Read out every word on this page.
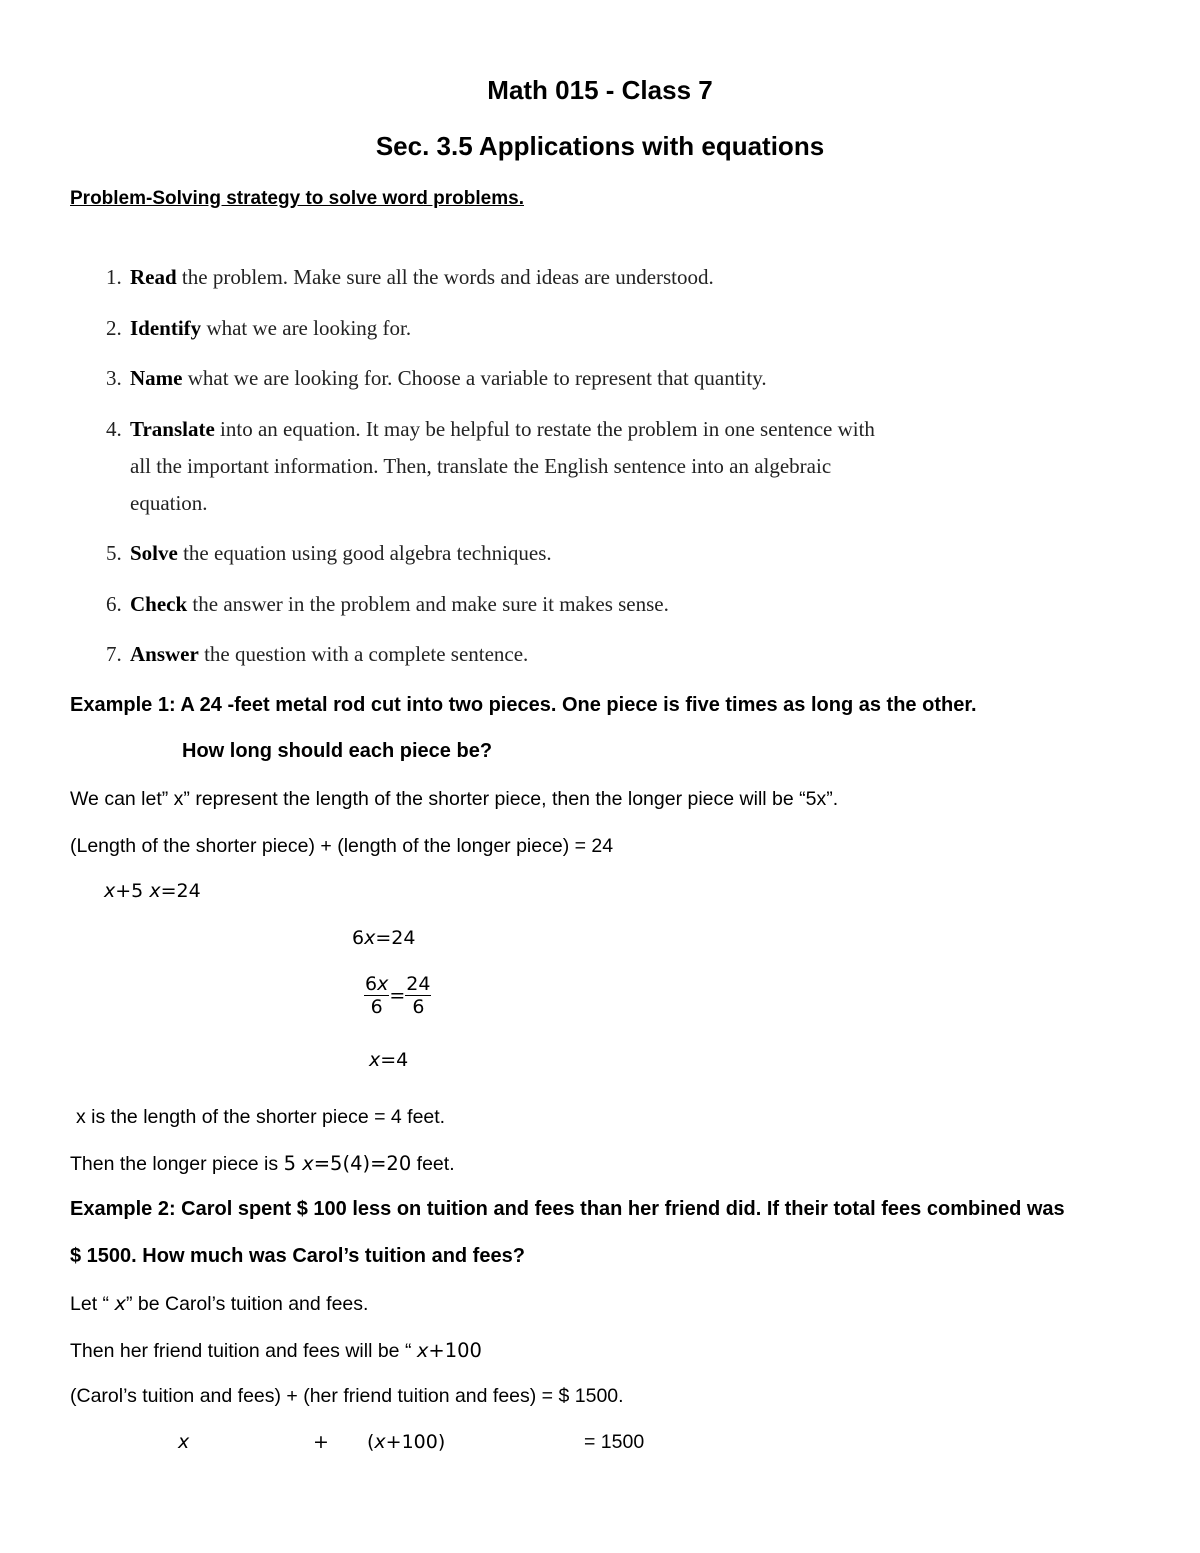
Math 015 - Class 7
Sec. 3.5 Applications with equations
Problem-Solving strategy to solve word problems.
1. Read the problem. Make sure all the words and ideas are understood.
2. Identify what we are looking for.
3. Name what we are looking for. Choose a variable to represent that quantity.
4. Translate into an equation. It may be helpful to restate the problem in one sentence with
all the important information. Then, translate the English sentence into an algebraic
equation.
5. Solve the equation using good algebra techniques.
6. Check the answer in the problem and make sure it makes sense.
7. Answer the question with a complete sentence.
Example 1: A 24 -feet metal rod cut into two pieces. One piece is five times as long as the other.
How long should each piece be?
We can let” x” represent the length of the shorter piece, then the longer piece will be “5x”.
(Length of the shorter piece) + (length of the longer piece) = 24
x+5 x=24
6x=24
$\frac{6x}{6} = \frac{24}{6}$
x=4
x is the length of the shorter piece = 4 feet.
Then the longer piece is 5 x=5(4)=20 feet.
Example 2: Carol spent $ 100 less on tuition and fees than her friend did. If their total fees combined was
$ 1500. How much was Carol’s tuition and fees?
Let “ x” be Carol’s tuition and fees.
Then her friend tuition and fees will be “ x+100
(Carol’s tuition and fees) + (her friend tuition and fees) = $ 1500.
x	+ (x+100)	= 1500
